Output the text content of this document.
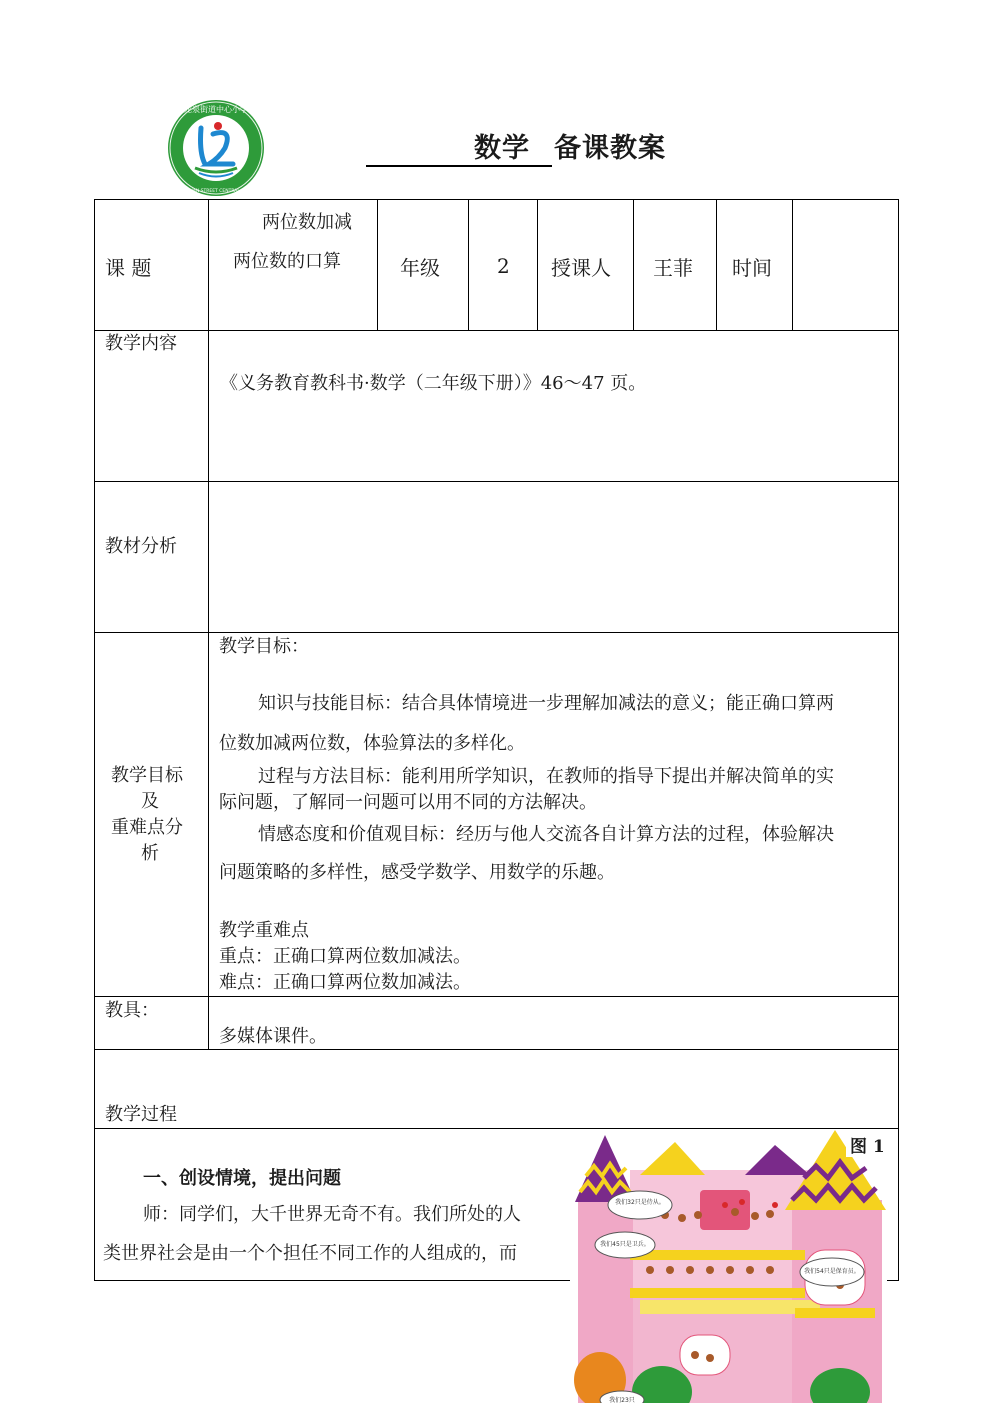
龙泉街道中心小学
LONG QUAN STREET CENTRAL SCHOOL
数学 备课教案
课 题
两位数加减
两位数的口算	年级	2 授课人 王菲 时间
教学内容
《义务教育教科书·数学（二年级下册）》46～47 页。
教材分析
教学目标
及
重难点分
析
教学目标：
知识与技能目标：结合具体情境进一步理解加减法的意义；能正确口算两
位数加减两位数，体验算法的多样化。
过程与方法目标：能利用所学知识，在教师的指导下提出并解决简单的实
际问题，了解同一问题可以用不同的方法解决。
情感态度和价值观目标：经历与他人交流各自计算方法的过程，体验解决
问题策略的多样性，感受学数学、用数学的乐趣。
教学重难点
重点：正确口算两位数加减法。
难点：正确口算两位数加减法。
教具：
多媒体课件。
教学过程
一、创设情境，提出问题
师：同学们，大千世界无奇不有。我们所处的人
类世界社会是由一个个担任不同工作的人组成的，而
我们32只是侍从。
我们45只是卫兵。
我们54只是保育员。
我们23只
图 1
